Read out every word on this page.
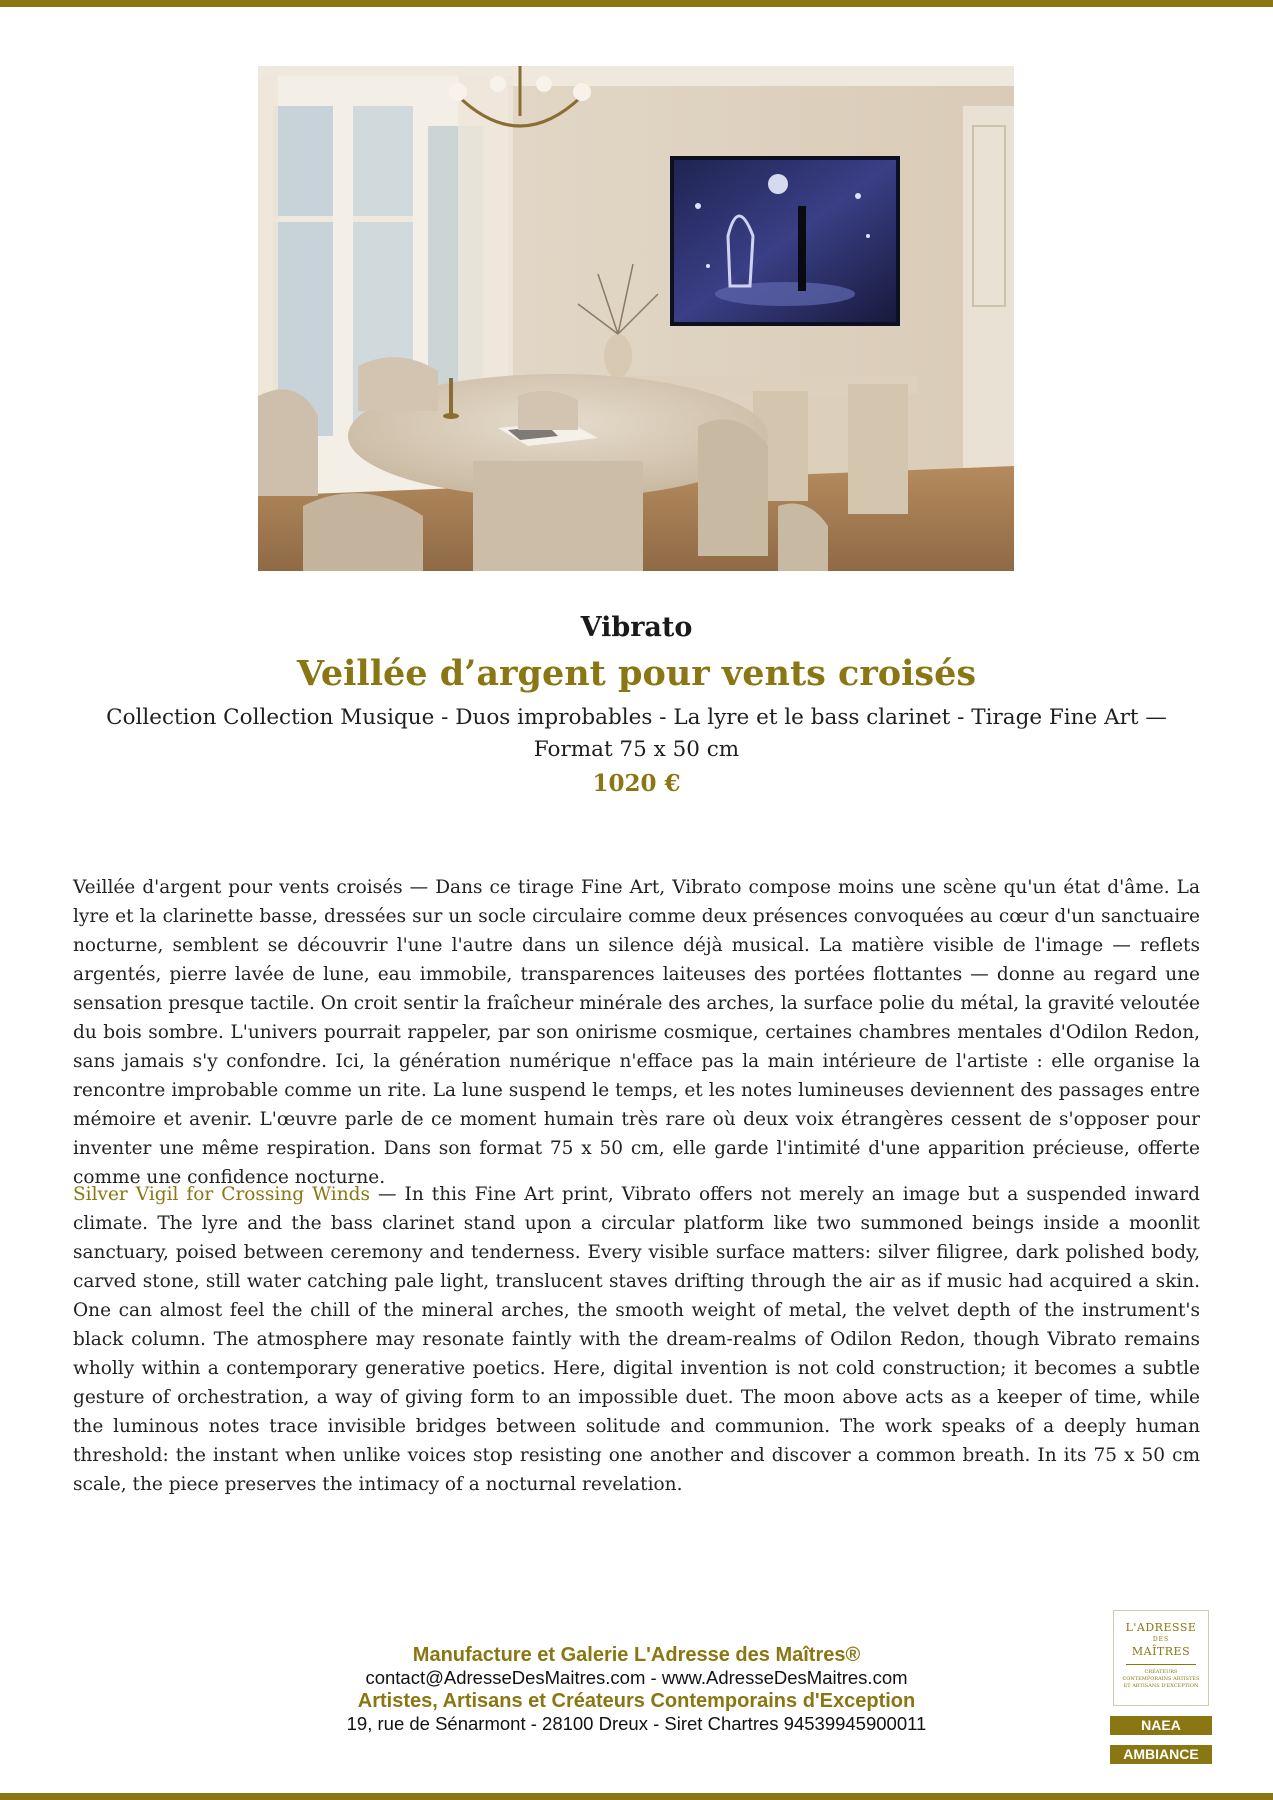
Vibrato
Veillée d’argent pour vents croisés
Collection Collection Musique - Duos improbables - La lyre et le bass clarinet - Tirage Fine Art — Format 75 x 50 cm
1020 €

Veillée d'argent pour vents croisés — Dans ce tirage Fine Art, Vibrato compose moins une scène qu'un état d'âme. La lyre et la clarinette basse, dressées sur un socle circulaire comme deux présences convoquées au cœur d'un sanctuaire nocturne, semblent se découvrir l'une l'autre dans un silence déjà musical. La matière visible de l'image — reflets argentés, pierre lavée de lune, eau immobile, transparences laiteuses des portées flottantes — donne au regard une sensation presque tactile. On croit sentir la fraîcheur minérale des arches, la surface polie du métal, la gravité veloutée du bois sombre. L'univers pourrait rappeler, par son onirisme cosmique, certaines chambres mentales d'Odilon Redon, sans jamais s'y confondre. Ici, la génération numérique n'efface pas la main intérieure de l'artiste : elle organise la rencontre improbable comme un rite. La lune suspend le temps, et les notes lumineuses deviennent des passages entre mémoire et avenir. L'œuvre parle de ce moment humain très rare où deux voix étrangères cessent de s'opposer pour inventer une même respiration. Dans son format 75 x 50 cm, elle garde l'intimité d'une apparition précieuse, offerte comme une confidence nocturne.

Silver Vigil for Crossing Winds — In this Fine Art print, Vibrato offers not merely an image but a suspended inward climate. The lyre and the bass clarinet stand upon a circular platform like two summoned beings inside a moonlit sanctuary, poised between ceremony and tenderness. Every visible surface matters: silver filigree, dark polished body, carved stone, still water catching pale light, translucent staves drifting through the air as if music had acquired a skin. One can almost feel the chill of the mineral arches, the smooth weight of metal, the velvet depth of the instrument's black column. The atmosphere may resonate faintly with the dream-realms of Odilon Redon, though Vibrato remains wholly within a contemporary generative poetics. Here, digital invention is not cold construction; it becomes a subtle gesture of orchestration, a way of giving form to an impossible duet. The moon above acts as a keeper of time, while the luminous notes trace invisible bridges between solitude and communion. The work speaks of a deeply human threshold: the instant when unlike voices stop resisting one another and discover a common breath. In its 75 x 50 cm scale, the piece preserves the intimacy of a nocturnal revelation.

Manufacture et Galerie L'Adresse des Maîtres®
contact@AdresseDesMaitres.com - www.AdresseDesMaitres.com
Artistes, Artisans et Créateurs Contemporains d'Exception
19, rue de Sénarmont - 28100 Dreux - Siret Chartres 94539945900011
L'ADRESSE
DES
MAÎTRES
CRÉATEURS CONTEMPORAINS ARTISTES ET ARTISANS D'EXCEPTION
NAEA
AMBIANCE
